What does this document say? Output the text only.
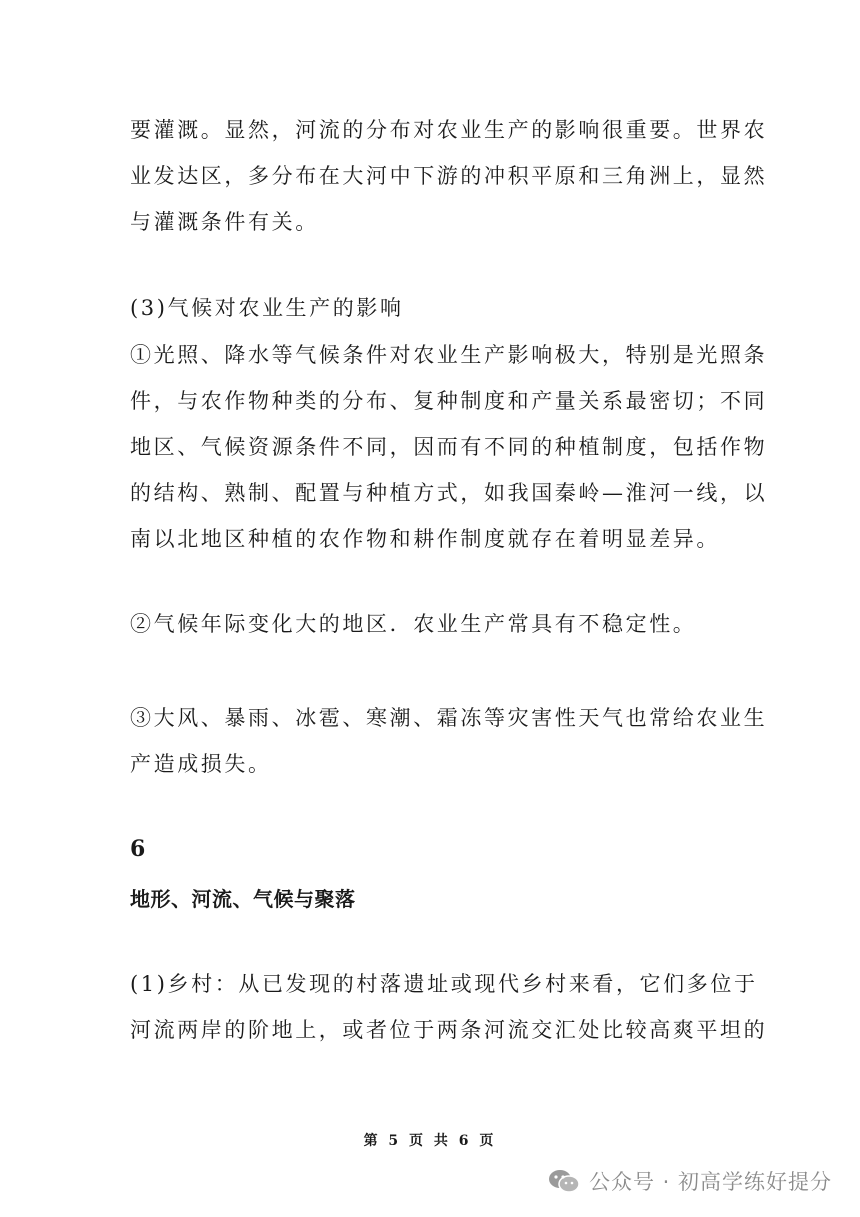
要灌溉。显然，河流的分布对农业生产的影响很重要。世界农
业发达区，多分布在大河中下游的冲积平原和三角洲上，显然
与灌溉条件有关。
(3)气候对农业生产的影响
①光照、降水等气候条件对农业生产影响极大，特别是光照条
件，与农作物种类的分布、复种制度和产量关系最密切；不同
地区、气候资源条件不同，因而有不同的种植制度，包括作物
的结构、熟制、配置与种植方式，如我国秦岭—淮河一线，以
南以北地区种植的农作物和耕作制度就存在着明显差异。
②气候年际变化大的地区．农业生产常具有不稳定性。
③大风、暴雨、冰雹、寒潮、霜冻等灾害性天气也常给农业生
产造成损失。
6
地形、河流、气候与聚落
(1)乡村：从已发现的村落遗址或现代乡村来看，它们多位于
河流两岸的阶地上，或者位于两条河流交汇处比较高爽平坦的
第 5 页 共 6 页
公众号 · 初高学练好提分
